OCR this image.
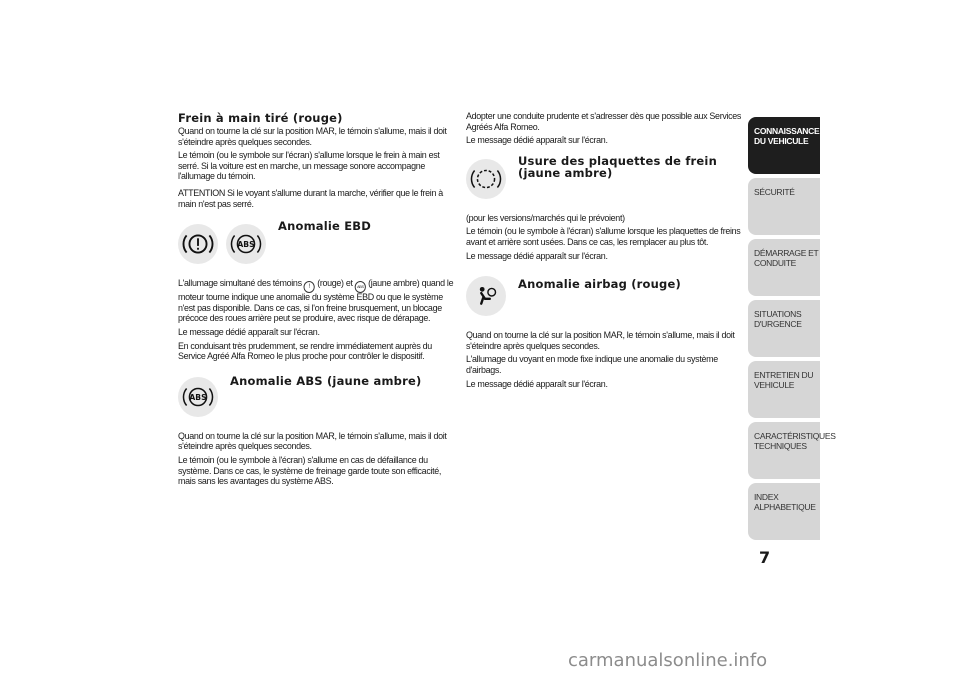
Frein à main tiré (rouge)

Quand on tourne la clé sur la position MAR, le témoin s'allume, mais il doit s'éteindre après quelques secondes.

Le témoin (ou le symbole sur l'écran) s'allume lorsque le frein à main est serré. Si la voiture est en marche, un message sonore accompagne l'allumage du témoin.

ATTENTION Si le voyant s'allume durant la marche, vérifier que le frein à main n'est pas serré.

ABS
Anomalie EBD

L'allumage simultané des témoins ! (rouge) et ABS (jaune ambre) quand le moteur tourne indique une anomalie du système EBD ou que le système n'est pas disponible. Dans ce cas, si l'on freine brusquement, un blocage précoce des roues arrière peut se produire, avec risque de dérapage.

Le message dédié apparaît sur l'écran.

En conduisant très prudemment, se rendre immédiatement auprès du Service Agréé Alfa Romeo le plus proche pour contrôler le dispositif.

ABS
Anomalie ABS (jaune ambre)

Quand on tourne la clé sur la position MAR, le témoin s'allume, mais il doit s'éteindre après quelques secondes.

Le témoin (ou le symbole à l'écran) s'allume en cas de défaillance du système. Dans ce cas, le système de freinage garde toute son efficacité, mais sans les avantages du système ABS.

Adopter une conduite prudente et s'adresser dès que possible aux Services Agréés Alfa Romeo.

Le message dédié apparaît sur l'écran.

Usure des plaquettes de frein (jaune ambre)

(pour les versions/marchés qui le prévoient)

Le témoin (ou le symbole à l'écran) s'allume lorsque les plaquettes de freins avant et arrière sont usées. Dans ce cas, les remplacer au plus tôt.

Le message dédié apparaît sur l'écran.

Anomalie airbag (rouge)

Quand on tourne la clé sur la position MAR, le témoin s'allume, mais il doit s'éteindre après quelques secondes.

L'allumage du voyant en mode fixe indique une anomalie du système d'airbags.

Le message dédié apparaît sur l'écran.

CONNAISSANCE DU VEHICULE
SÉCURITÉ
DÉMARRAGE ET CONDUITE
SITUATIONS D'URGENCE
ENTRETIEN DU VEHICULE
CARACTÉRISTIQUES TECHNIQUES
INDEX ALPHABETIQUE
7
carmanualsonline.info
